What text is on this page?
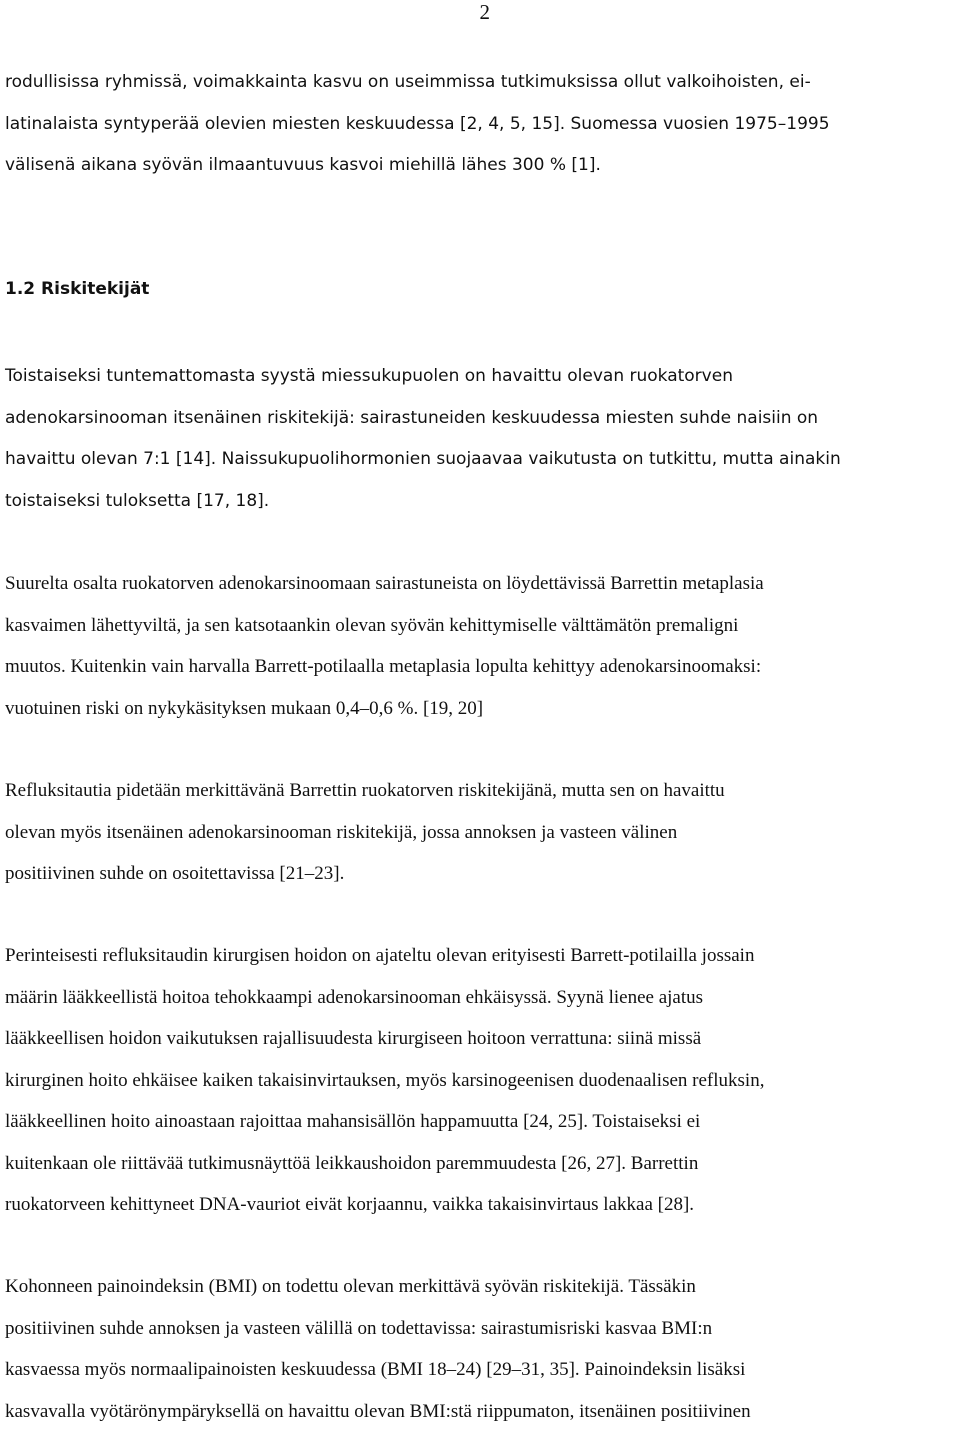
2

rodullisissa ryhmissä, voimakkainta kasvu on useimmissa tutkimuksissa ollut valkoihoisten, ei-
latinalaista syntyperää olevien miesten keskuudessa [2, 4, 5, 15]. Suomessa vuosien 1975–1995
välisenä aikana syövän ilmaantuvuus kasvoi miehillä lähes 300 % [1].

1.2 Riskitekijät

Toistaiseksi tuntemattomasta syystä miessukupuolen on havaittu olevan ruokatorven
adenokarsinooman itsenäinen riskitekijä: sairastuneiden keskuudessa miesten suhde naisiin on
havaittu olevan 7:1 [14]. Naissukupuolihormonien suojaavaa vaikutusta on tutkittu, mutta ainakin
toistaiseksi tuloksetta [17, 18].

Suurelta osalta ruokatorven adenokarsinoomaan sairastuneista on löydettävissä Barrettin metaplasia
kasvaimen lähettyviltä, ja sen katsotaankin olevan syövän kehittymiselle välttämätön premaligni
muutos. Kuitenkin vain harvalla Barrett-potilaalla metaplasia lopulta kehittyy adenokarsinoomaksi:
vuotuinen riski on nykykäsityksen mukaan 0,4–0,6 %. [19, 20]

Refluksitautia pidetään merkittävänä Barrettin ruokatorven riskitekijänä, mutta sen on havaittu
olevan myös itsenäinen adenokarsinooman riskitekijä, jossa annoksen ja vasteen välinen
positiivinen suhde on osoitettavissa [21–23].

Perinteisesti refluksitaudin kirurgisen hoidon on ajateltu olevan erityisesti Barrett-potilailla jossain
määrin lääkkeellistä hoitoa tehokkaampi adenokarsinooman ehkäisyssä. Syynä lienee ajatus
lääkkeellisen hoidon vaikutuksen rajallisuudesta kirurgiseen hoitoon verrattuna: siinä missä
kirurginen hoito ehkäisee kaiken takaisinvirtauksen, myös karsinogeenisen duodenaalisen refluksin,
lääkkeellinen hoito ainoastaan rajoittaa mahansisällön happamuutta [24, 25]. Toistaiseksi ei
kuitenkaan ole riittävää tutkimusnäyttöä leikkaushoidon paremmuudesta [26, 27]. Barrettin
ruokatorveen kehittyneet DNA-vauriot eivät korjaannu, vaikka takaisinvirtaus lakkaa [28].

Kohonneen painoindeksin (BMI) on todettu olevan merkittävä syövän riskitekijä. Tässäkin
positiivinen suhde annoksen ja vasteen välillä on todettavissa: sairastumisriski kasvaa BMI:n
kasvaessa myös normaalipainoisten keskuudessa (BMI 18–24) [29–31, 35]. Painoindeksin lisäksi
kasvavalla vyötärönympäryksellä on havaittu olevan BMI:stä riippumaton, itsenäinen positiivinen
